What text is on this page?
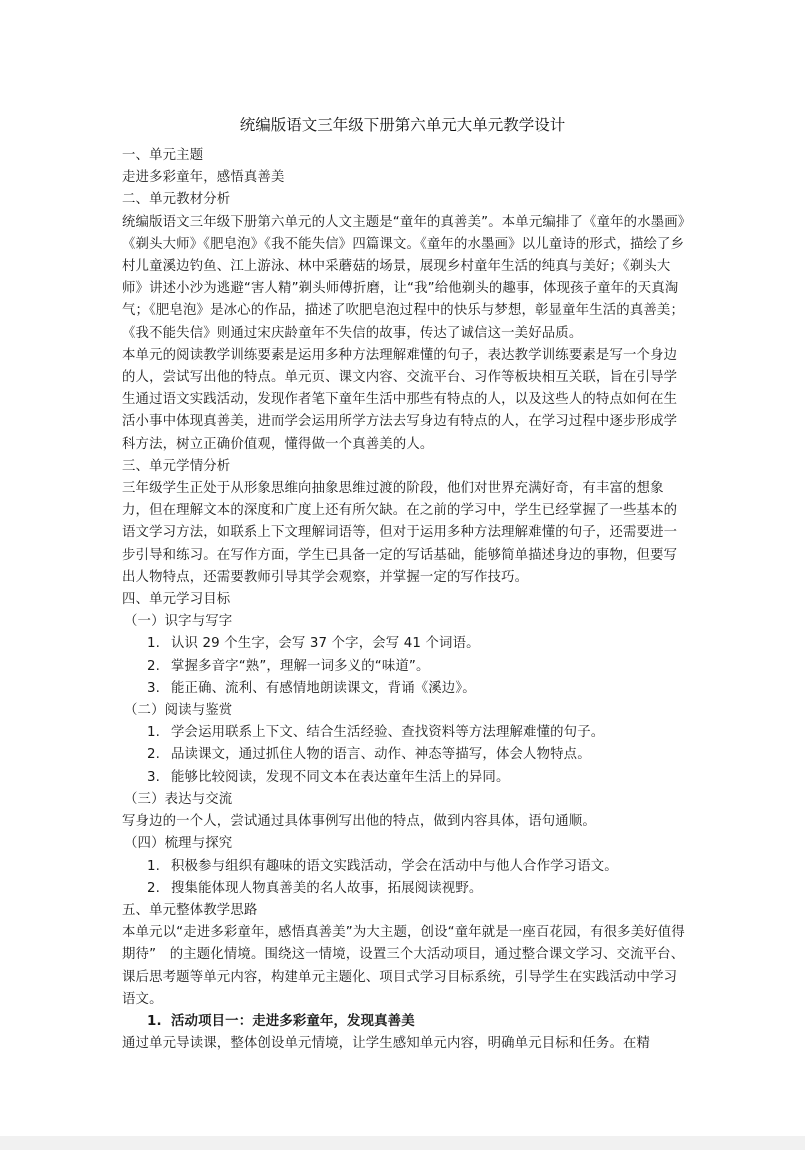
统编版语文三年级下册第六单元大单元教学设计

一、单元主题

走进多彩童年，感悟真善美

二、单元教材分析

统编版语文三年级下册第六单元的人文主题是“童年的真善美”。本单元编排了《童年的水墨画》《剃头大师》《肥皂泡》《我不能失信》四篇课文。《童年的水墨画》以儿童诗的形式，描绘了乡村儿童溪边钓鱼、江上游泳、林中采蘑菇的场景，展现乡村童年生活的纯真与美好；《剃头大师》讲述小沙为逃避“害人精”剃头师傅折磨，让“我”给他剃头的趣事，体现孩子童年的天真淘气；《肥皂泡》是冰心的作品，描述了吹肥皂泡过程中的快乐与梦想，彰显童年生活的真善美；《我不能失信》则通过宋庆龄童年不失信的故事，传达了诚信这一美好品质。

本单元的阅读教学训练要素是运用多种方法理解难懂的句子，表达教学训练要素是写一个身边的人，尝试写出他的特点。单元页、课文内容、交流平台、习作等板块相互关联，旨在引导学生通过语文实践活动，发现作者笔下童年生活中那些有特点的人，以及这些人的特点如何在生活小事中体现真善美，进而学会运用所学方法去写身边有特点的人，在学习过程中逐步形成学科方法，树立正确价值观，懂得做一个真善美的人。

三、单元学情分析

三年级学生正处于从形象思维向抽象思维过渡的阶段，他们对世界充满好奇，有丰富的想象力，但在理解文本的深度和广度上还有所欠缺。在之前的学习中，学生已经掌握了一些基本的语文学习方法，如联系上下文理解词语等，但对于运用多种方法理解难懂的句子，还需要进一步引导和练习。在写作方面，学生已具备一定的写话基础，能够简单描述身边的事物，但要写出人物特点，还需要教师引导其学会观察，并掌握一定的写作技巧。

四、单元学习目标

（一）识字与写字

1. 认识 29 个生字，会写 37 个字，会写 41 个词语。
2. 掌握多音字“熟”，理解一词多义的“味道”。
3. 能正确、流利、有感情地朗读课文，背诵《溪边》。

（二）阅读与鉴赏

1. 学会运用联系上下文、结合生活经验、查找资料等方法理解难懂的句子。
2. 品读课文，通过抓住人物的语言、动作、神态等描写，体会人物特点。
3. 能够比较阅读，发现不同文本在表达童年生活上的异同。

（三）表达与交流

写身边的一个人，尝试通过具体事例写出他的特点，做到内容具体，语句通顺。

（四）梳理与探究

1. 积极参与组织有趣味的语文实践活动，学会在活动中与他人合作学习语文。
2. 搜集能体现人物真善美的名人故事，拓展阅读视野。

五、单元整体教学思路

本单元以“走进多彩童年，感悟真善美”为大主题，创设“童年就是一座百花园，有很多美好值得期待”　的主题化情境。围绕这一情境，设置三个大活动项目，通过整合课文学习、交流平台、课后思考题等单元内容，构建单元主题化、项目式学习目标系统，引导学生在实践活动中学习语文。

1. 活动项目一：走进多彩童年，发现真善美

通过单元导读课，整体创设单元情境，让学生感知单元内容，明确单元目标和任务。在精
